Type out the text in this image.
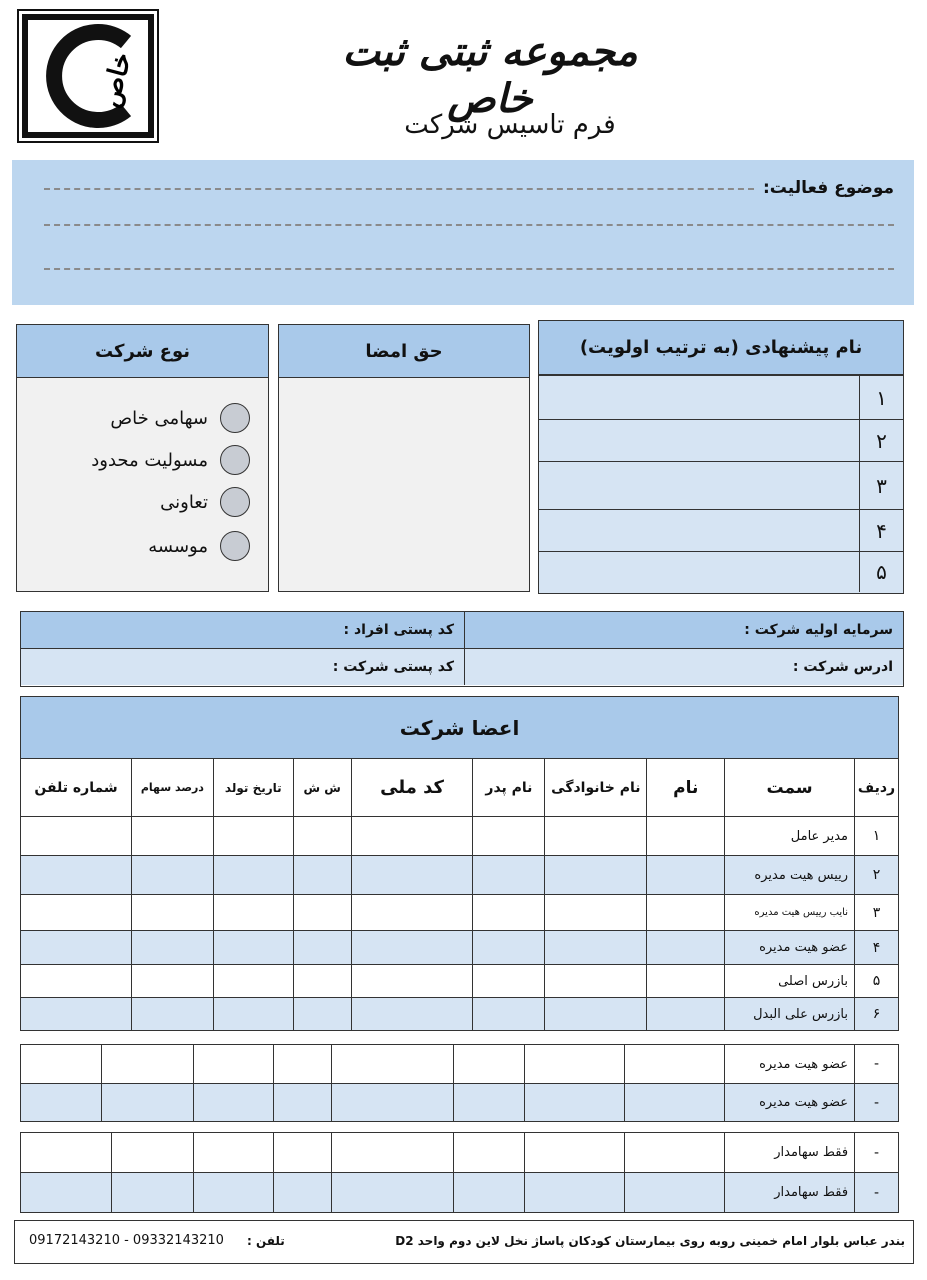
خاص	مجموعه ثبتی ثبت خاص
فرم تاسیس شرکت
موضوع فعالیت:
نوع شرکت
سهامی خاص
مسولیت محدود
تعاونی
موسسه
حق امضا	نام پیشنهادی (به ترتیب اولویت)
۱
۲
۳
۴
۵
سرمایه اولیه شرکت :
کد پستی افراد :
ادرس شرکت :
کد پستی شرکت :
اعضا شرکت									
ردیف	سمت	نام	نام خانوادگی	نام پدر	کد ملی	ش ش	تاریخ تولد	درصد سهام	شماره تلفن
۱	مدیر عامل								
۲	رییس هیت مدیره								
۳	نایب رییس هیت مدیره								
۴	عضو هیت مدیره								
۵	بازرس اصلی								
۶	بازرس علی البدل								
-	عضو هیت مدیره								
-	عضو هیت مدیره								
-	فقط سهامدار								
-	فقط سهامدار								
بندر عباس بلوار امام خمینی روبه روی بیمارستان کودکان پاساژ نخل لاین دوم واحد D2
تلفن :
09172143210 - 09332143210
